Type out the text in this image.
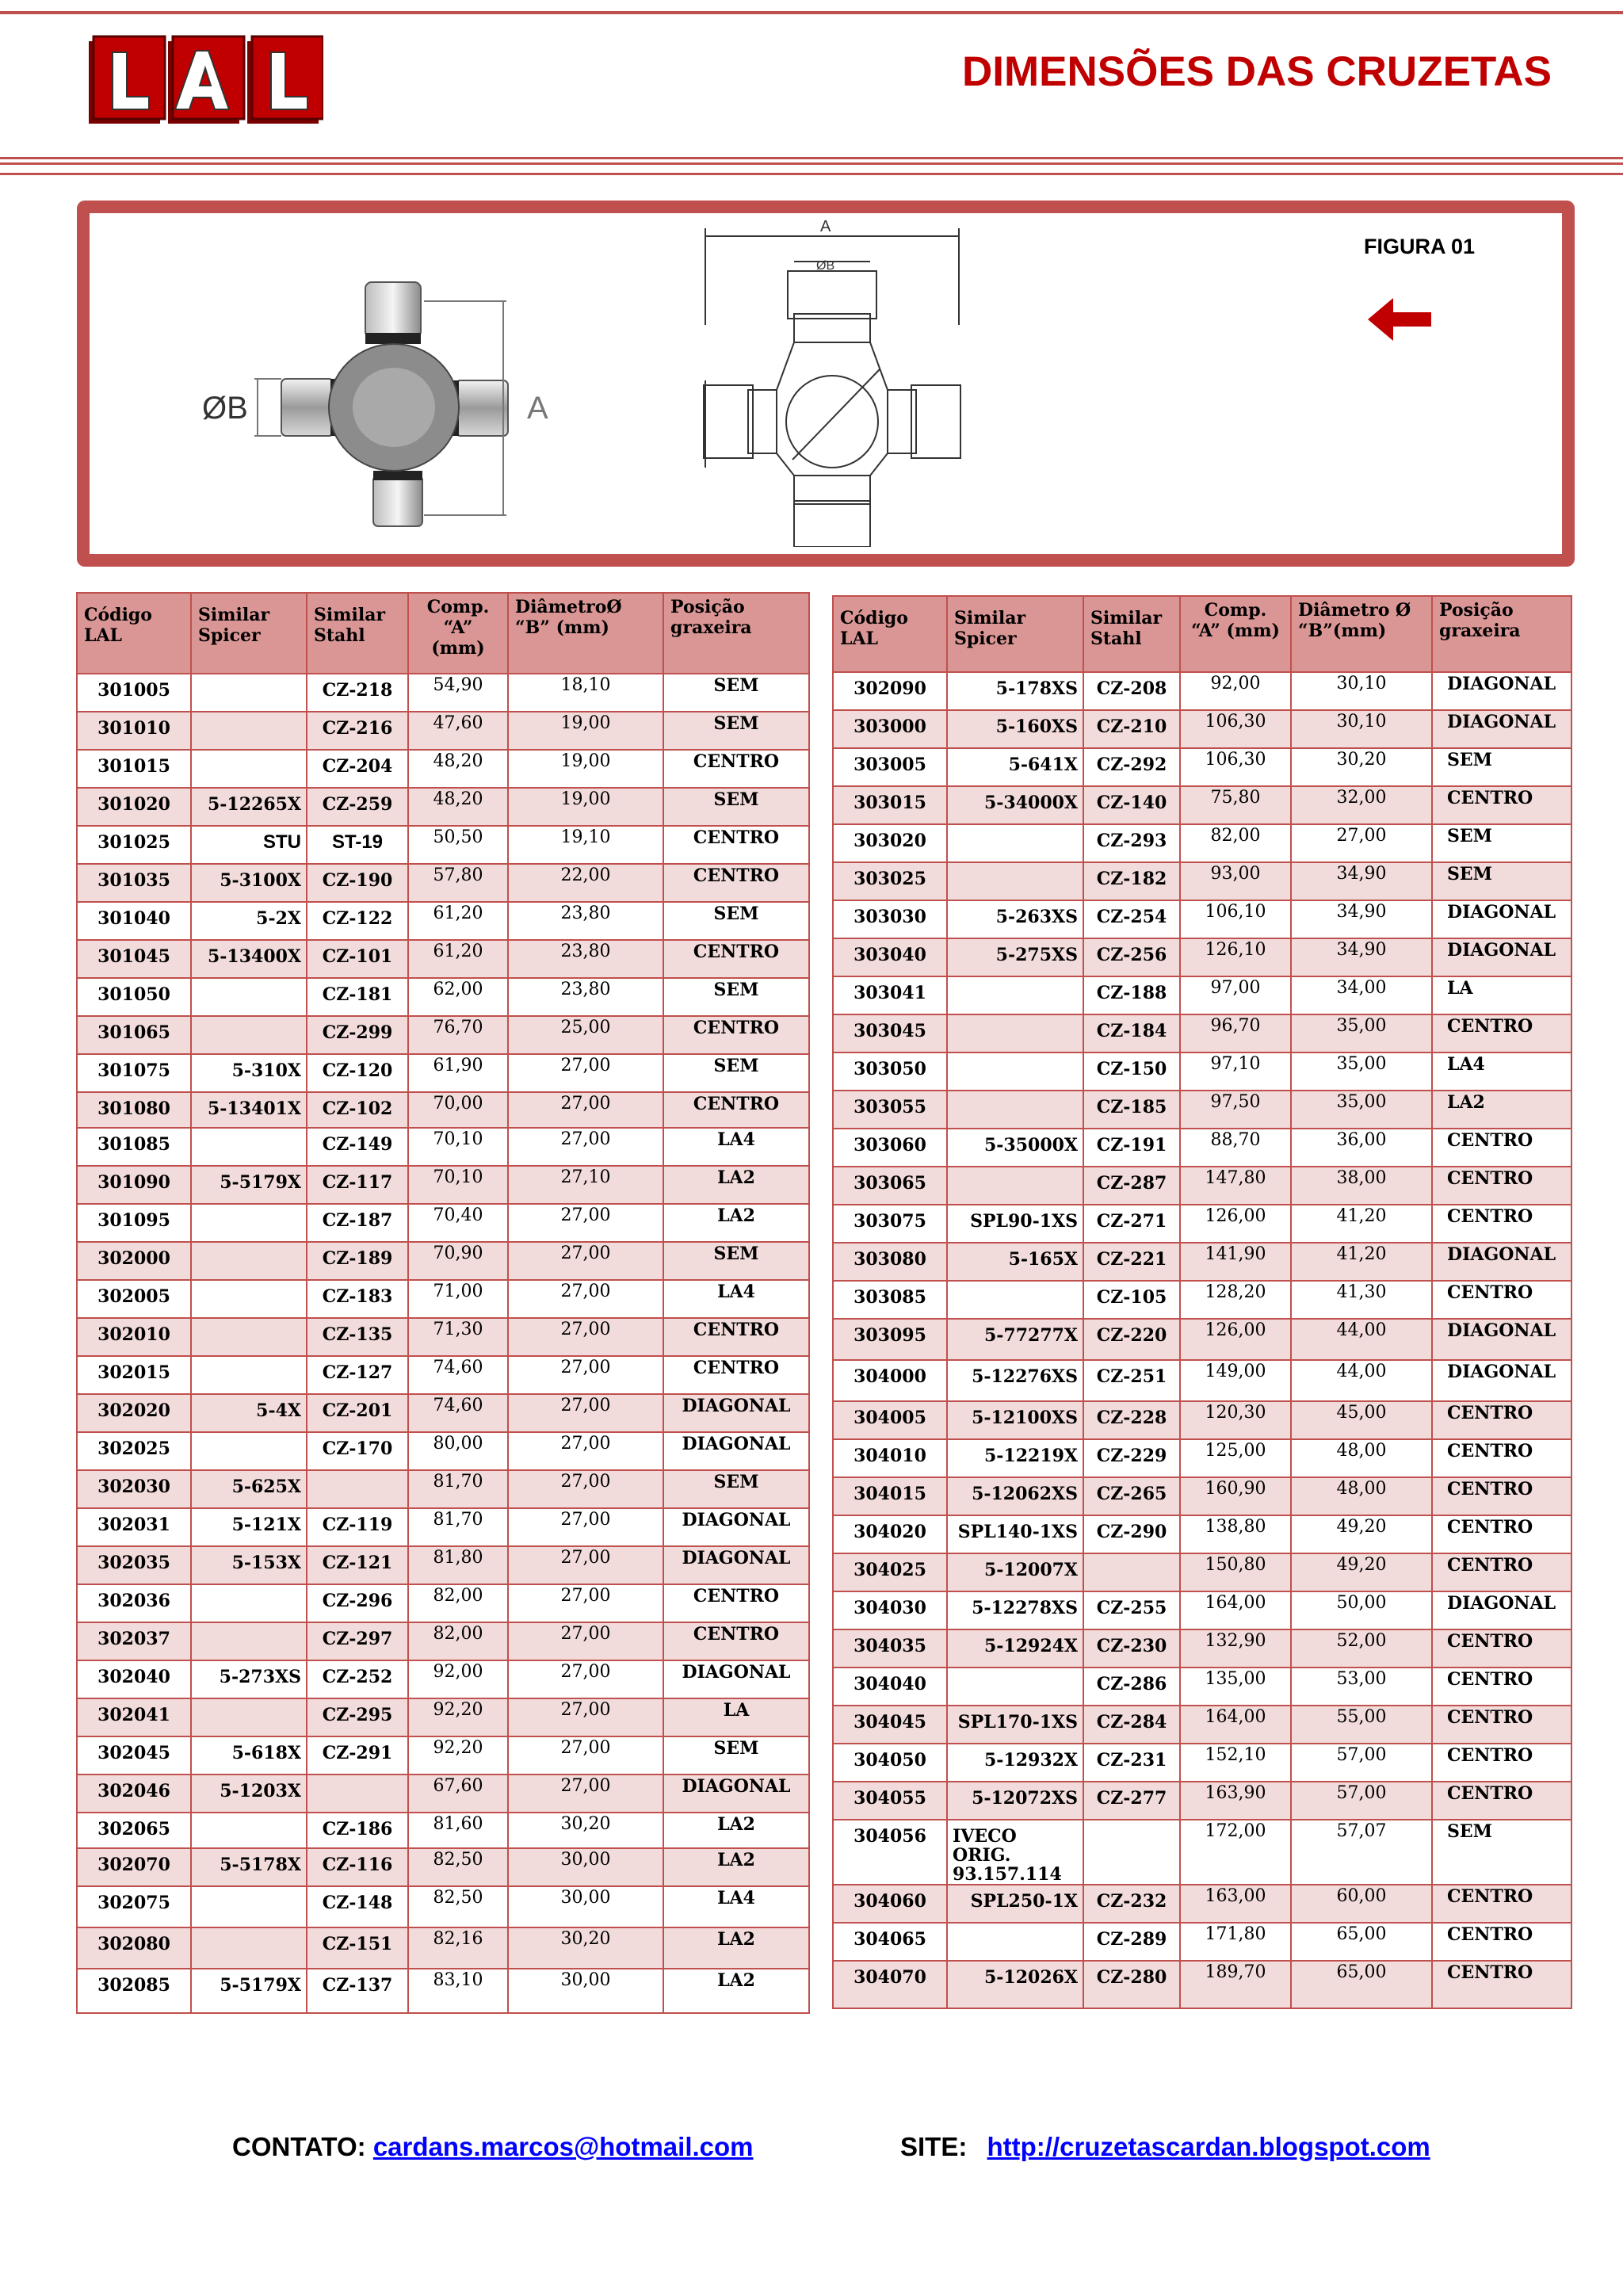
DIMENSÕES DAS CRUZETAS
FIGURA 01
ØB	A
A
ØB
Código LAL	Similar Spicer	Similar Stahl	Comp. “A” (mm)	DiâmetroØ “B” (mm)	Posição graxeira
301005		CZ-218	54,90	18,10	SEM
301010		CZ-216	47,60	19,00	SEM
301015		CZ-204	48,20	19,00	CENTRO
301020	5-12265X	CZ-259	48,20	19,00	SEM
301025	STU	ST-19	50,50	19,10	CENTRO
301035	5-3100X	CZ-190	57,80	22,00	CENTRO
301040	5-2X	CZ-122	61,20	23,80	SEM
301045	5-13400X	CZ-101	61,20	23,80	CENTRO
301050		CZ-181	62,00	23,80	SEM
301065		CZ-299	76,70	25,00	CENTRO
301075	5-310X	CZ-120	61,90	27,00	SEM
301080	5-13401X	CZ-102	70,00	27,00	CENTRO
301085		CZ-149	70,10	27,00	LA4
301090	5-5179X	CZ-117	70,10	27,10	LA2
301095		CZ-187	70,40	27,00	LA2
302000		CZ-189	70,90	27,00	SEM
302005		CZ-183	71,00	27,00	LA4
302010		CZ-135	71,30	27,00	CENTRO
302015		CZ-127	74,60	27,00	CENTRO
302020	5-4X	CZ-201	74,60	27,00	DIAGONAL
302025		CZ-170	80,00	27,00	DIAGONAL
302030	5-625X		81,70	27,00	SEM
302031	5-121X	CZ-119	81,70	27,00	DIAGONAL
302035	5-153X	CZ-121	81,80	27,00	DIAGONAL
302036		CZ-296	82,00	27,00	CENTRO
302037		CZ-297	82,00	27,00	CENTRO
302040	5-273XS	CZ-252	92,00	27,00	DIAGONAL
302041		CZ-295	92,20	27,00	LA
302045	5-618X	CZ-291	92,20	27,00	SEM
302046	5-1203X		67,60	27,00	DIAGONAL
302065		CZ-186	81,60	30,20	LA2
302070	5-5178X	CZ-116	82,50	30,00	LA2
302075		CZ-148	82,50	30,00	LA4
302080		CZ-151	82,16	30,20	LA2
302085	5-5179X	CZ-137	83,10	30,00	LA2
Código LAL	Similar Spicer	Similar Stahl	Comp. “A” (mm)	Diâmetro Ø “B”(mm)	Posição graxeira
302090	5-178XS	CZ-208	92,00	30,10	DIAGONAL
303000	5-160XS	CZ-210	106,30	30,10	DIAGONAL
303005	5-641X	CZ-292	106,30	30,20	SEM
303015	5-34000X	CZ-140	75,80	32,00	CENTRO
303020		CZ-293	82,00	27,00	SEM
303025		CZ-182	93,00	34,90	SEM
303030	5-263XS	CZ-254	106,10	34,90	DIAGONAL
303040	5-275XS	CZ-256	126,10	34,90	DIAGONAL
303041		CZ-188	97,00	34,00	LA
303045		CZ-184	96,70	35,00	CENTRO
303050		CZ-150	97,10	35,00	LA4
303055		CZ-185	97,50	35,00	LA2
303060	5-35000X	CZ-191	88,70	36,00	CENTRO
303065		CZ-287	147,80	38,00	CENTRO
303075	SPL90-1XS	CZ-271	126,00	41,20	CENTRO
303080	5-165X	CZ-221	141,90	41,20	DIAGONAL
303085		CZ-105	128,20	41,30	CENTRO
303095	5-77277X	CZ-220	126,00	44,00	DIAGONAL
304000	5-12276XS	CZ-251	149,00	44,00	DIAGONAL
304005	5-12100XS	CZ-228	120,30	45,00	CENTRO
304010	5-12219X	CZ-229	125,00	48,00	CENTRO
304015	5-12062XS	CZ-265	160,90	48,00	CENTRO
304020	SPL140-1XS	CZ-290	138,80	49,20	CENTRO
304025	5-12007X		150,80	49,20	CENTRO
304030	5-12278XS	CZ-255	164,00	50,00	DIAGONAL
304035	5-12924X	CZ-230	132,90	52,00	CENTRO
304040		CZ-286	135,00	53,00	CENTRO
304045	SPL170-1XS	CZ-284	164,00	55,00	CENTRO
304050	5-12932X	CZ-231	152,10	57,00	CENTRO
304055	5-12072XS	CZ-277	163,90	57,00	CENTRO
304056	IVECO ORIG. 93.157.114		172,00	57,07	SEM
304060	SPL250-1X	CZ-232	163,00	60,00	CENTRO
304065		CZ-289	171,80	65,00	CENTRO
304070	5-12026X	CZ-280	189,70	65,00	CENTRO
CONTATO: cardans.marcos@hotmail.com	SITE: http://cruzetascardan.blogspot.com
